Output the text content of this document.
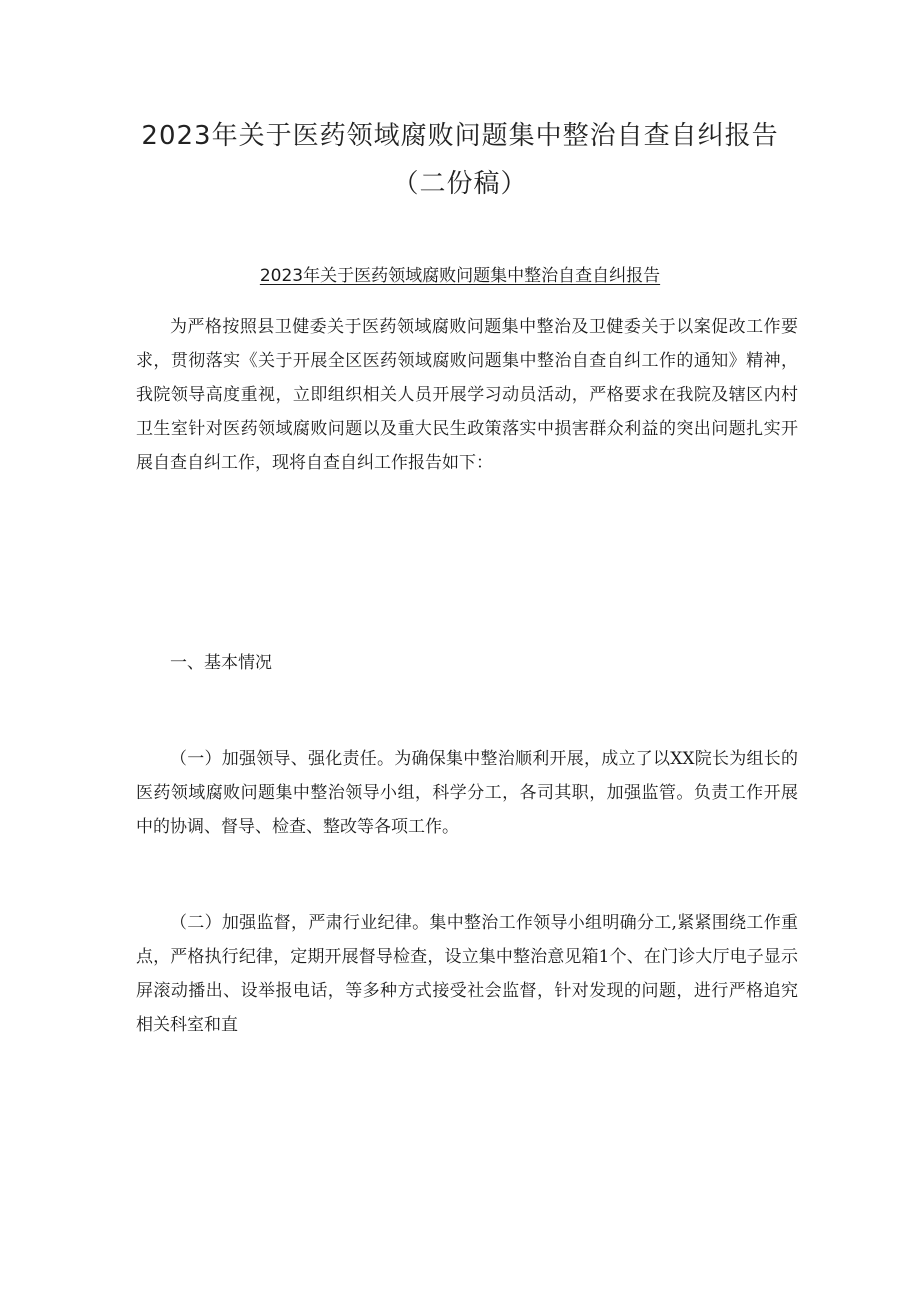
2023年关于医药领域腐败问题集中整治自查自纠报告（二份稿）
2023年关于医药领域腐败问题集中整治自查自纠报告

为严格按照县卫健委关于医药领域腐败问题集中整治及卫健委关于以案促改工作要求，贯彻落实《关于开展全区医药领域腐败问题集中整治自查自纠工作的通知》精神，我院领导高度重视，立即组织相关人员开展学习动员活动，严格要求在我院及辖区内村卫生室针对医药领域腐败问题以及重大民生政策落实中损害群众利益的突出问题扎实开展自查自纠工作，现将自查自纠工作报告如下：

一、基本情况

（一）加强领导、强化责任。为确保集中整治顺利开展，成立了以XX院长为组长的医药领域腐败问题集中整治领导小组，科学分工，各司其职，加强监管。负责工作开展中的协调、督导、检查、整改等各项工作。

（二）加强监督，严肃行业纪律。集中整治工作领导小组明确分工,紧紧围绕工作重点，严格执行纪律，定期开展督导检查，设立集中整治意见箱1个、在门诊大厅电子显示屏滚动播出、设举报电话，等多种方式接受社会监督，针对发现的问题，进行严格追究相关科室和直
